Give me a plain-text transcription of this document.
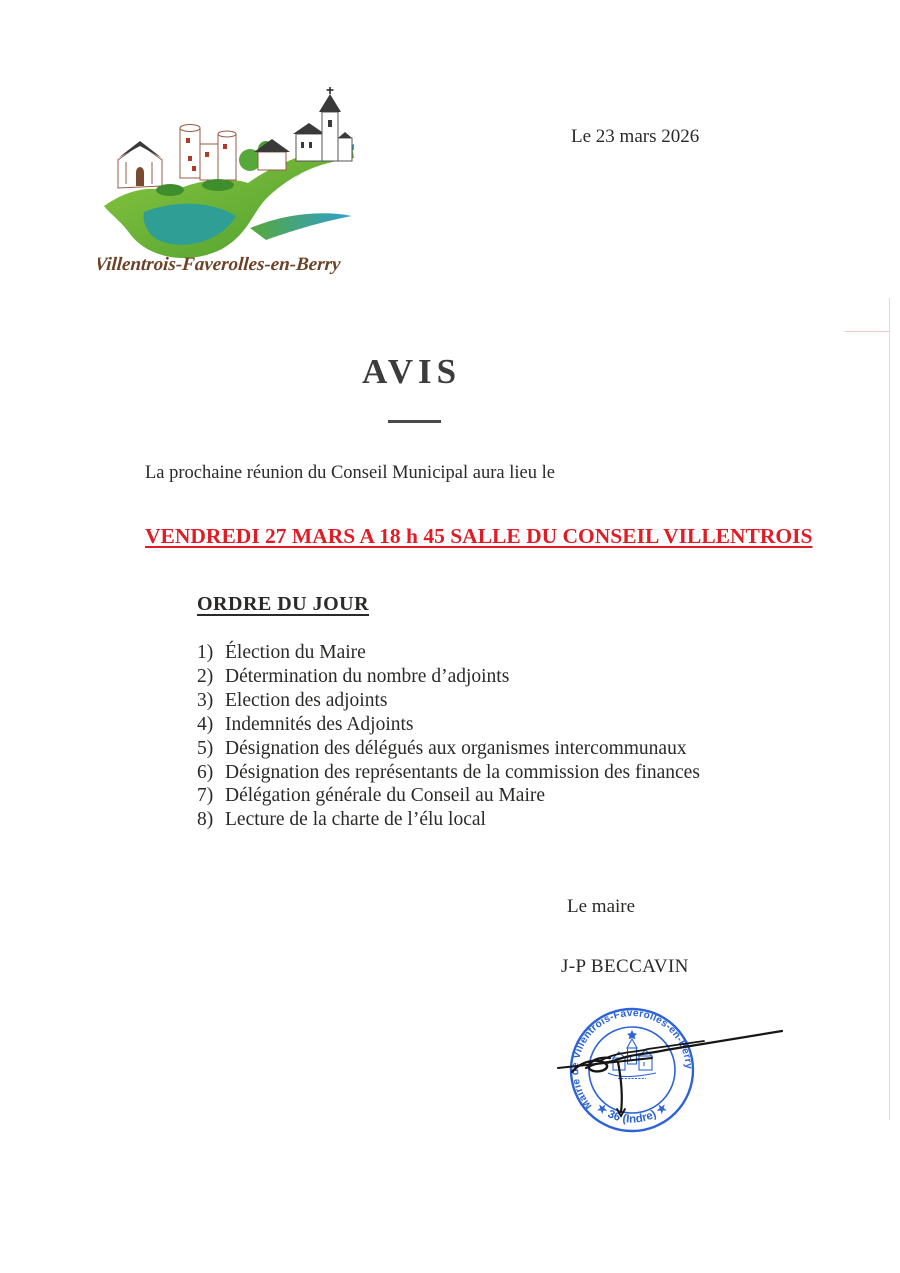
Villentrois-Faverolles-en-Berry
Le 23 mars 2026
AVIS

La prochaine réunion du Conseil Municipal aura lieu le

VENDREDI 27 MARS A 18 h 45 SALLE DU CONSEIL VILLENTROIS

ORDRE DU JOUR
1) Élection du Maire
2) Détermination du nombre d’adjoints
3) Election des adjoints
4) Indemnités des Adjoints
5) Désignation des délégués aux organismes intercommunaux
6) Désignation des représentants de la commission des finances
7) Délégation générale du Conseil au Maire
8) Lecture de la charte de l’élu local
Le maire
J-P BECCAVIN
Mairie de Villentrois-Faverolles-en-Berry
★ 36 (Indre) ★
